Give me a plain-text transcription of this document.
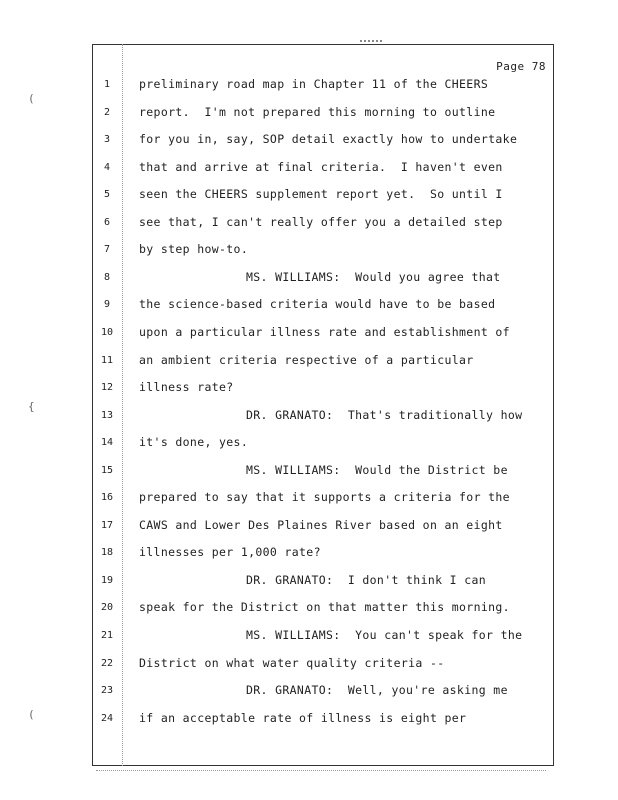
(
{
(
Page 78
1	preliminary road map in Chapter 11 of the CHEERS
2	report.  I'm not prepared this morning to outline
3	for you in, say, SOP detail exactly how to undertake
4	that and arrive at final criteria.  I haven't even
5	seen the CHEERS supplement report yet.  So until I
6	see that, I can't really offer you a detailed step
7	by step how-to.
8	MS. WILLIAMS:  Would you agree that
9	the science-based criteria would have to be based
10	upon a particular illness rate and establishment of
11	an ambient criteria respective of a particular
12	illness rate?
13	DR. GRANATO:  That's traditionally how
14	it's done, yes.
15	MS. WILLIAMS:  Would the District be
16	prepared to say that it supports a criteria for the
17	CAWS and Lower Des Plaines River based on an eight
18	illnesses per 1,000 rate?
19	DR. GRANATO:  I don't think I can
20	speak for the District on that matter this morning.
21	MS. WILLIAMS:  You can't speak for the
22	District on what water quality criteria --
23	DR. GRANATO:  Well, you're asking me
24	if an acceptable rate of illness is eight per
